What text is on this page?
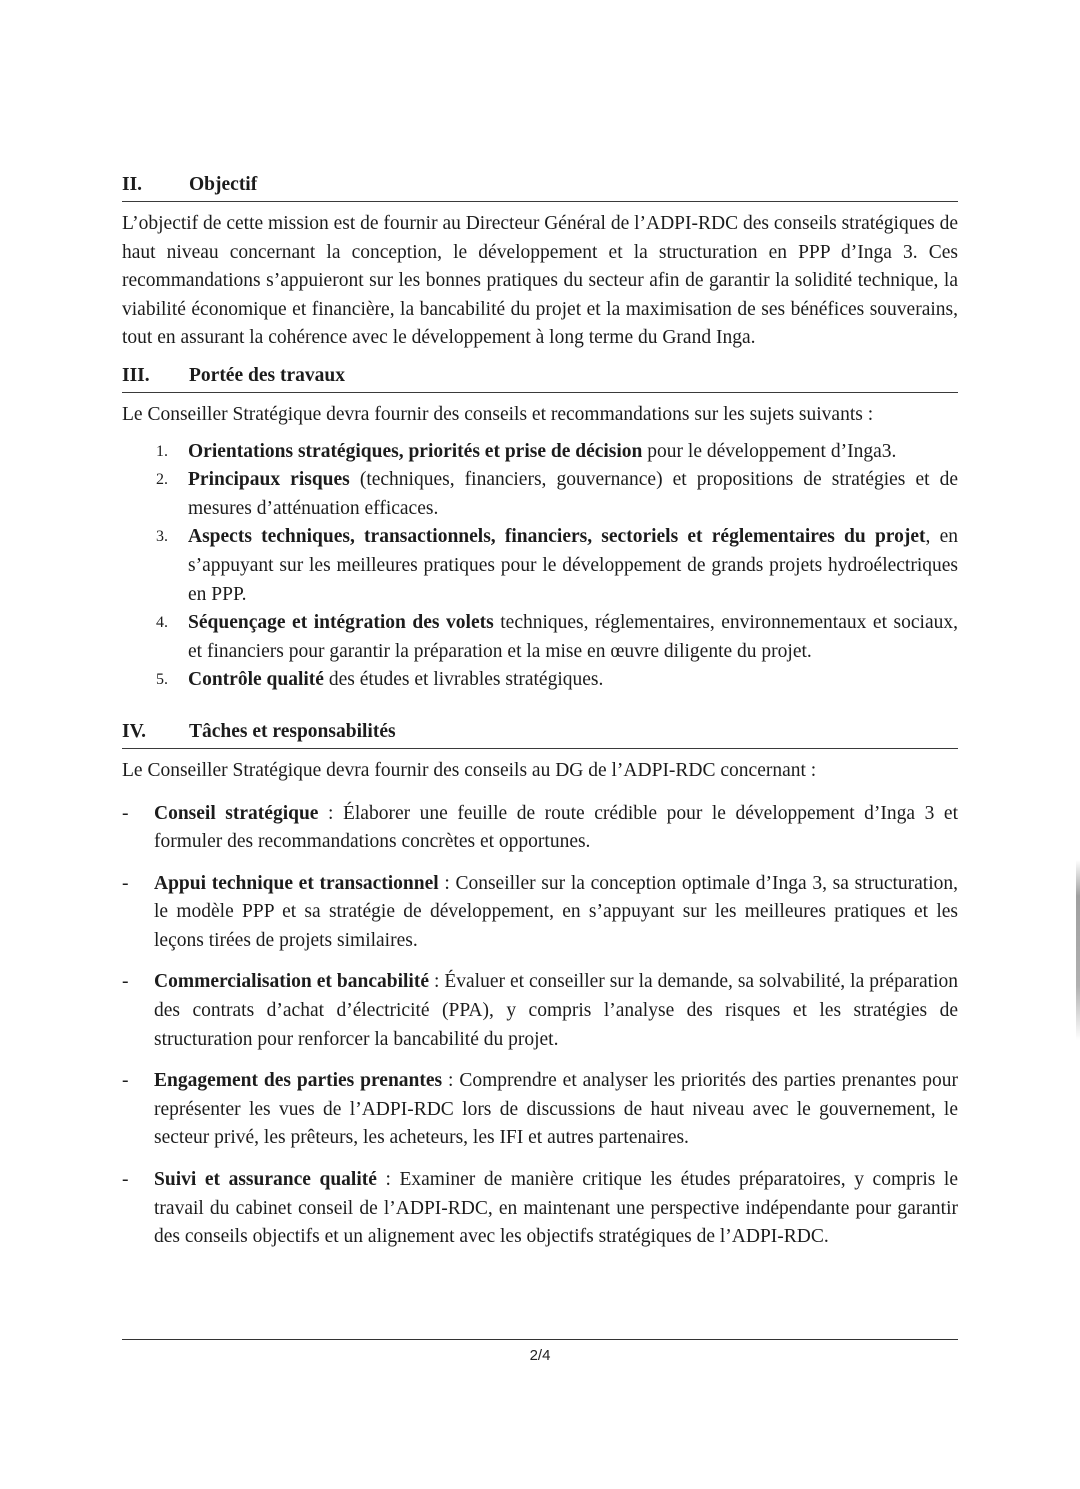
II.	Objectif

L’objectif de cette mission est de fournir au Directeur Général de l’ADPI-RDC des conseils stratégiques de haut niveau concernant la conception, le développement et la structuration en PPP d’Inga 3. Ces recommandations s’appuieront sur les bonnes pratiques du secteur afin de garantir la solidité technique, la viabilité économique et financière, la bancabilité du projet et la maximisation de ses bénéfices souverains, tout en assurant la cohérence avec le développement à long terme du Grand Inga.

III.	Portée des travaux

Le Conseiller Stratégique devra fournir des conseils et recommandations sur les sujets suivants :

1.	Orientations stratégiques, priorités et prise de décision pour le développement d’Inga3.
2.	Principaux risques (techniques, financiers, gouvernance) et propositions de stratégies et de mesures d’atténuation efficaces.
3.	Aspects techniques, transactionnels, financiers, sectoriels et réglementaires du projet, en s’appuyant sur les meilleures pratiques pour le développement de grands projets hydroélectriques en PPP.
4.	Séquençage et intégration des volets techniques, réglementaires, environnementaux et sociaux, et financiers pour garantir la préparation et la mise en œuvre diligente du projet.
5.	Contrôle qualité des études et livrables stratégiques.
IV.	Tâches et responsabilités

Le Conseiller Stratégique devra fournir des conseils au DG de l’ADPI-RDC concernant :

-	Conseil stratégique : Élaborer une feuille de route crédible pour le développement d’Inga 3 et formuler des recommandations concrètes et opportunes.
-	Appui technique et transactionnel : Conseiller sur la conception optimale d’Inga 3, sa structuration, le modèle PPP et sa stratégie de développement, en s’appuyant sur les meilleures pratiques et les leçons tirées de projets similaires.
-	Commercialisation et bancabilité : Évaluer et conseiller sur la demande, sa solvabilité, la préparation des contrats d’achat d’électricité (PPA), y compris l’analyse des risques et les stratégies de structuration pour renforcer la bancabilité du projet.
-	Engagement des parties prenantes : Comprendre et analyser les priorités des parties prenantes pour représenter les vues de l’ADPI-RDC lors de discussions de haut niveau avec le gouvernement, le secteur privé, les prêteurs, les acheteurs, les IFI et autres partenaires.
-	Suivi et assurance qualité : Examiner de manière critique les études préparatoires, y compris le travail du cabinet conseil de l’ADPI-RDC, en maintenant une perspective indépendante pour garantir des conseils objectifs et un alignement avec les objectifs stratégiques de l’ADPI-RDC.
2/4
